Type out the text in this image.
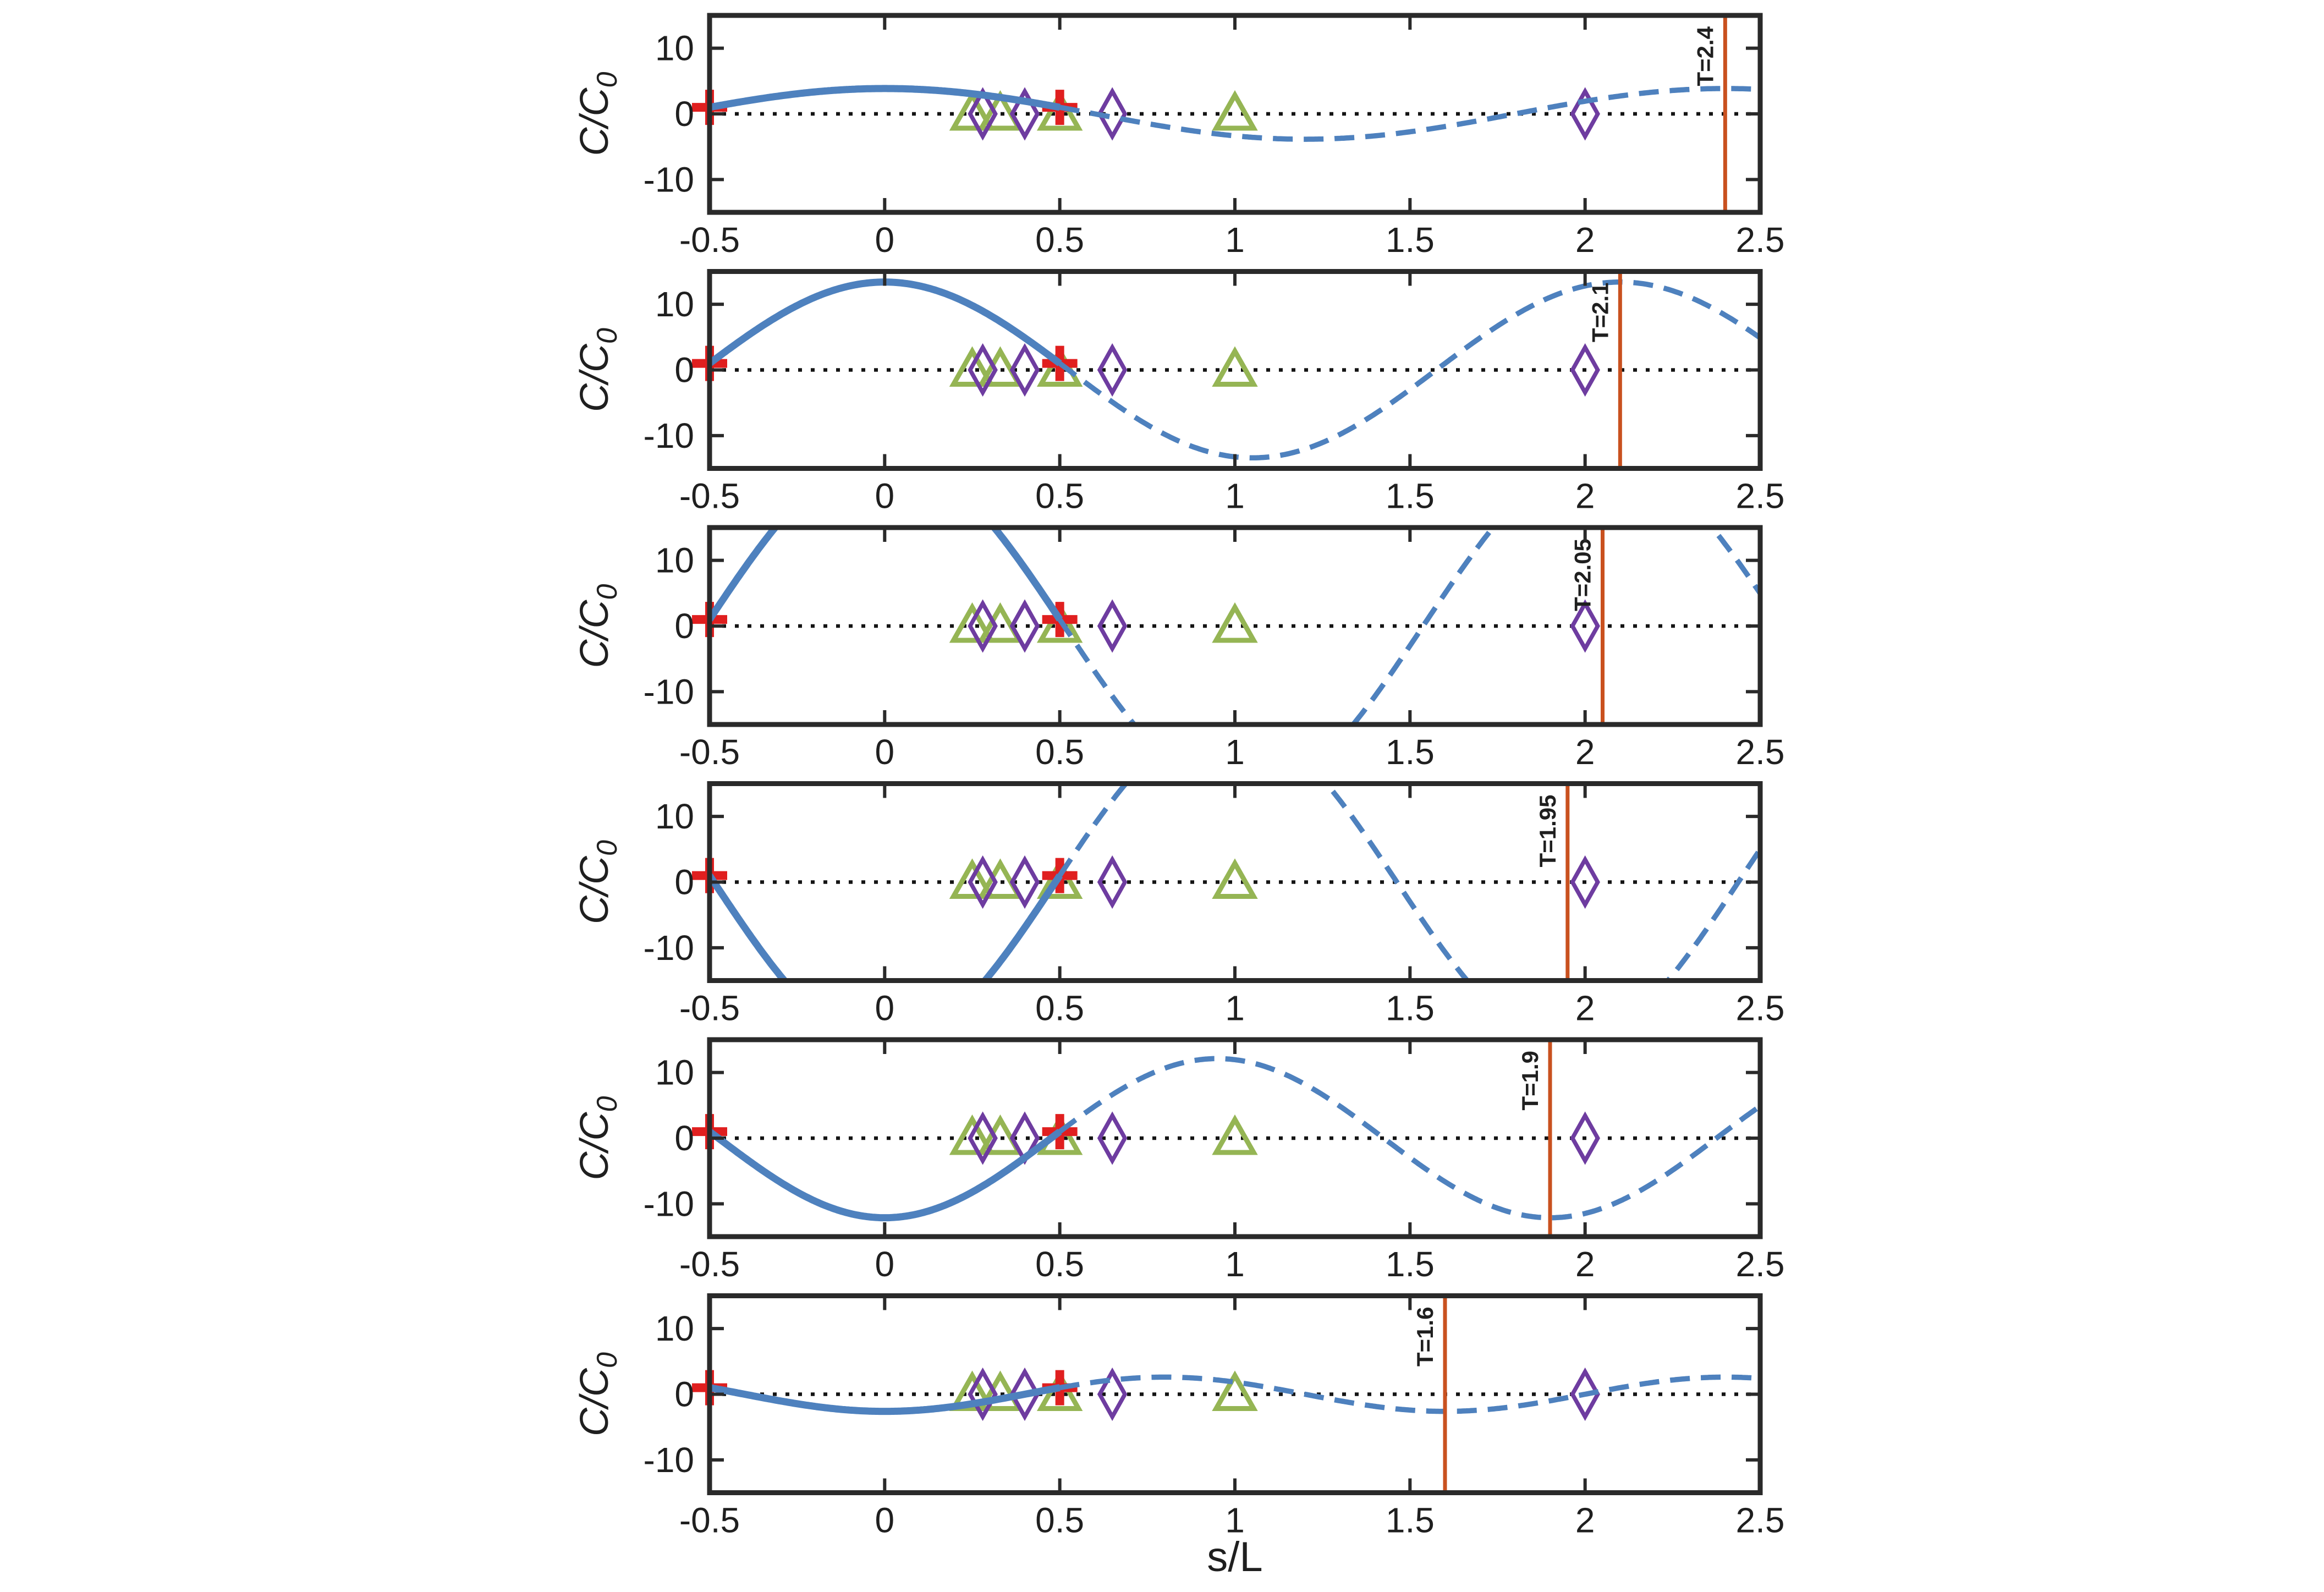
T=2.4
10
0
-10
-0.5	0	0.5	1	1.5	2	2.5
$C/C_0$
T=2.1
10
0
-10
-0.5	0	0.5	1	1.5	2	2.5
$C/C_0$
T=2.05
10
0
-10
-0.5	0	0.5	1	1.5	2	2.5
$C/C_0$
T=1.95
10
0
-10
-0.5	0	0.5	1	1.5	2	2.5
$C/C_0$
T=1.9
10
0
-10
-0.5	0	0.5	1	1.5	2	2.5
$C/C_0$
T=1.6
10
0
-10
-0.5	0	0.5	1	1.5	2	2.5
$C/C_0$
s/L
